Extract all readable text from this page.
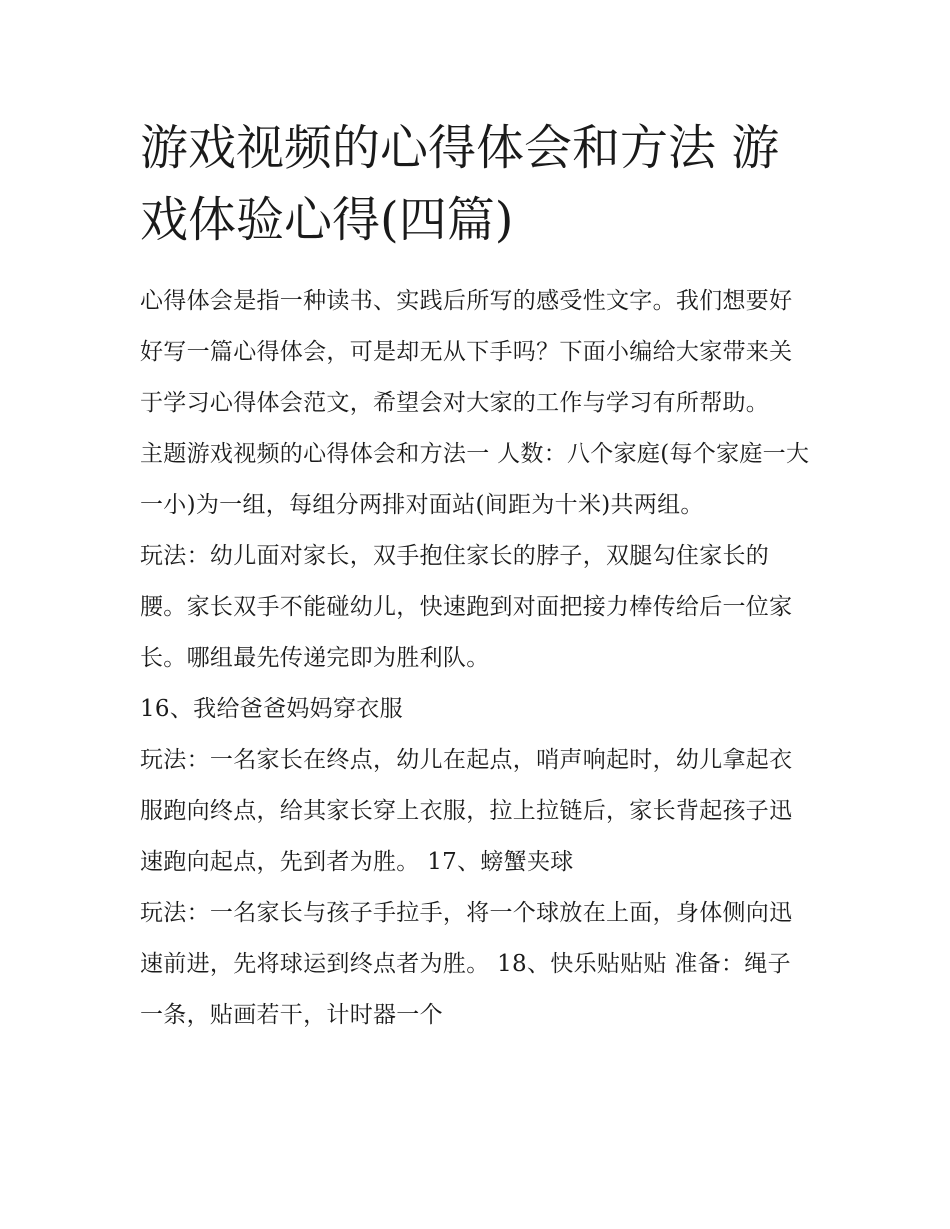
游戏视频的心得体会和方法 游戏体验心得(四篇)

心得体会是指一种读书、实践后所写的感受性文字。我们想要好好写一篇心得体会，可是却无从下手吗？下面小编给大家带来关于学习心得体会范文，希望会对大家的工作与学习有所帮助。

主题游戏视频的心得体会和方法一 人数：八个家庭(每个家庭一大一小)为一组，每组分两排对面站(间距为十米)共两组。

玩法：幼儿面对家长，双手抱住家长的脖子，双腿勾住家长的腰。家长双手不能碰幼儿，快速跑到对面把接力棒传给后一位家长。哪组最先传递完即为胜利队。

16、我给爸爸妈妈穿衣服

玩法：一名家长在终点，幼儿在起点，哨声响起时，幼儿拿起衣服跑向终点，给其家长穿上衣服，拉上拉链后，家长背起孩子迅速跑向起点，先到者为胜。 17、螃蟹夹球

玩法：一名家长与孩子手拉手，将一个球放在上面，身体侧向迅速前进，先将球运到终点者为胜。 18、快乐贴贴贴 准备：绳子一条，贴画若干，计时器一个
